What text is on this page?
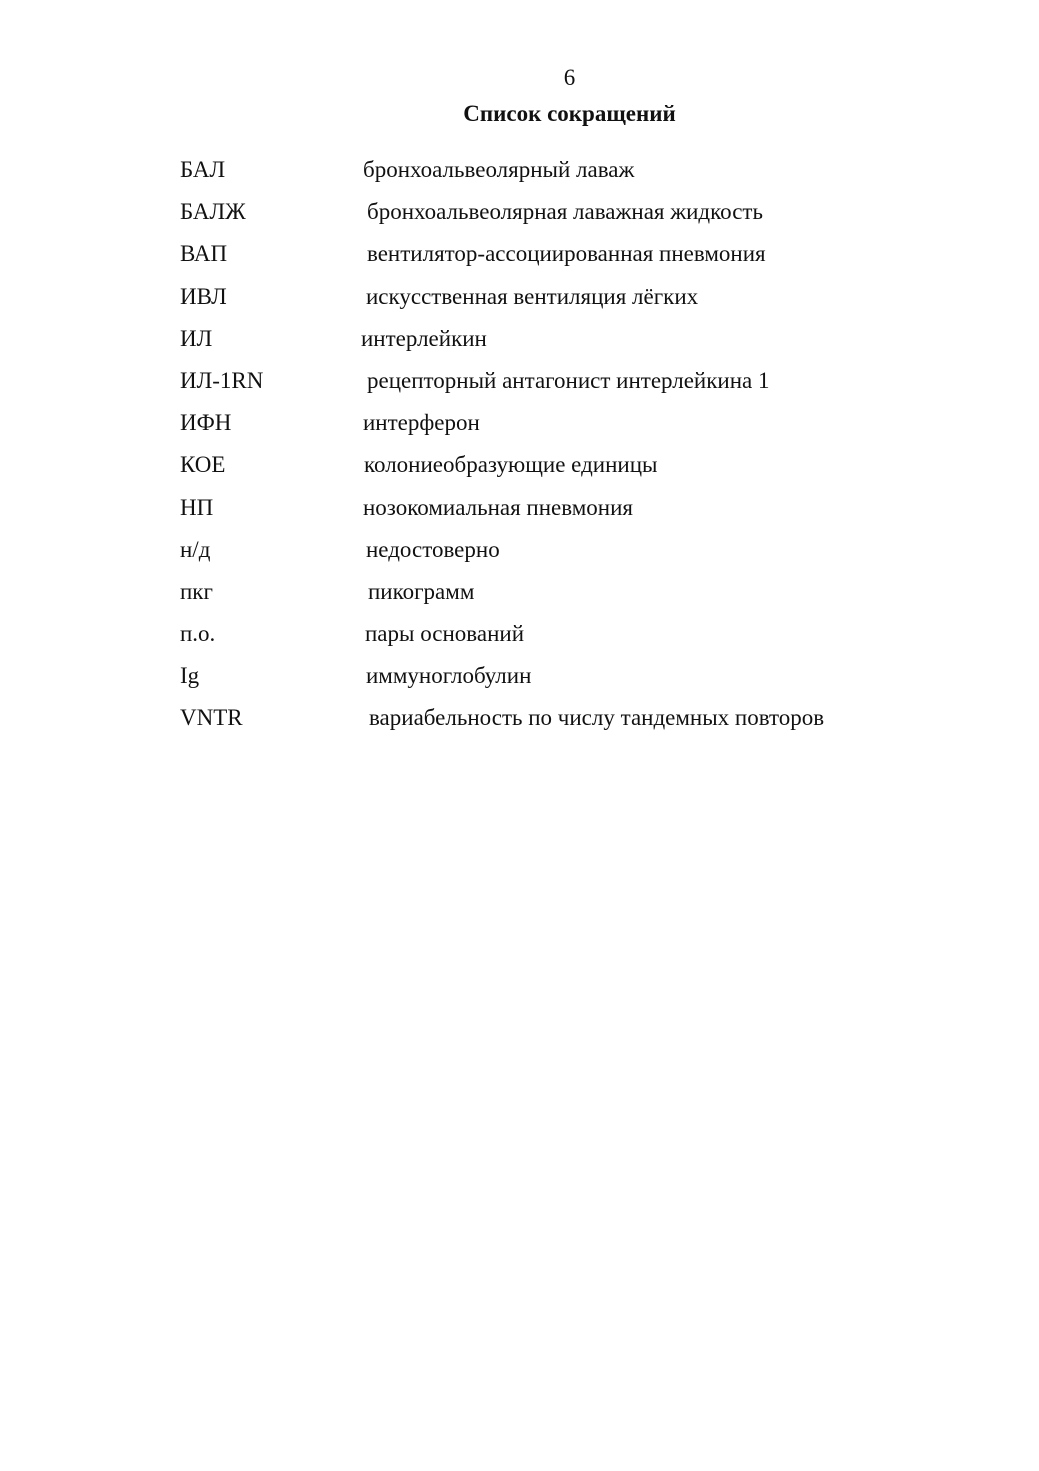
6
Список сокращений
БАЛ	бронхоальвеолярный лаваж
БАЛЖ	бронхоальвеолярная лаважная жидкость
ВАП	вентилятор-ассоциированная пневмония
ИВЛ	искусственная вентиляция лёгких
ИЛ	интерлейкин
ИЛ-1RN	рецепторный антагонист интерлейкина 1
ИФН	интерферон
КОЕ	колониеобразующие единицы
НП	нозокомиальная пневмония
н/д	недостоверно
пкг	пикограмм
п.о.	пары оснований
Ig	иммуноглобулин
VNTR	вариабельность по числу тандемных повторов
